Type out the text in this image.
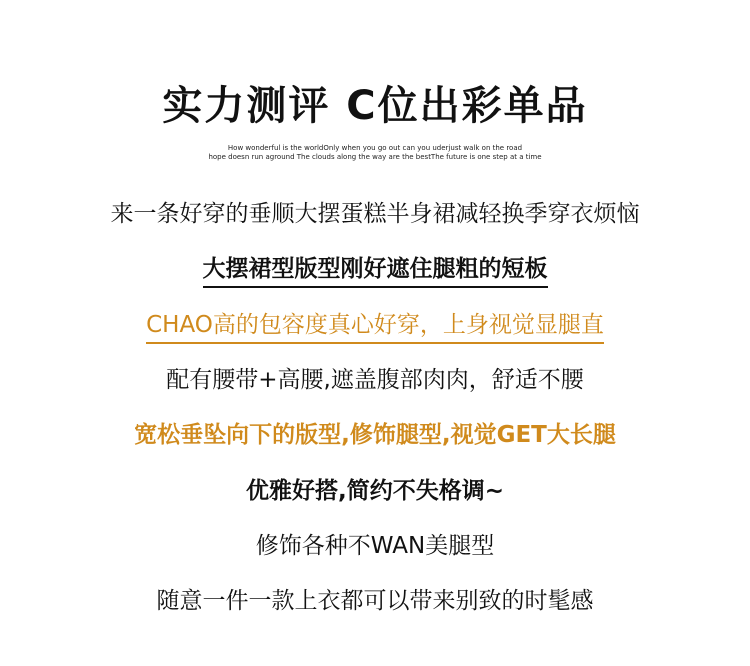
实力测评 C位出彩单品
How wonderful is the worldOnly when you go out can you uderjust walk on the road
hope doesn run aground The clouds along the way are the bestThe future is one step at a time
来一条好穿的垂顺大摆蛋糕半身裙减轻换季穿衣烦恼
大摆裙型版型刚好遮住腿粗的短板
CHAO高的包容度真心好穿，上身视觉显腿直
配有腰带+高腰,遮盖腹部肉肉，舒适不腰
宽松垂坠向下的版型,修饰腿型,视觉GET大长腿
优雅好搭,简约不失格调~
修饰各种不WAN美腿型
随意一件一款上衣都可以带来别致的时髦感
